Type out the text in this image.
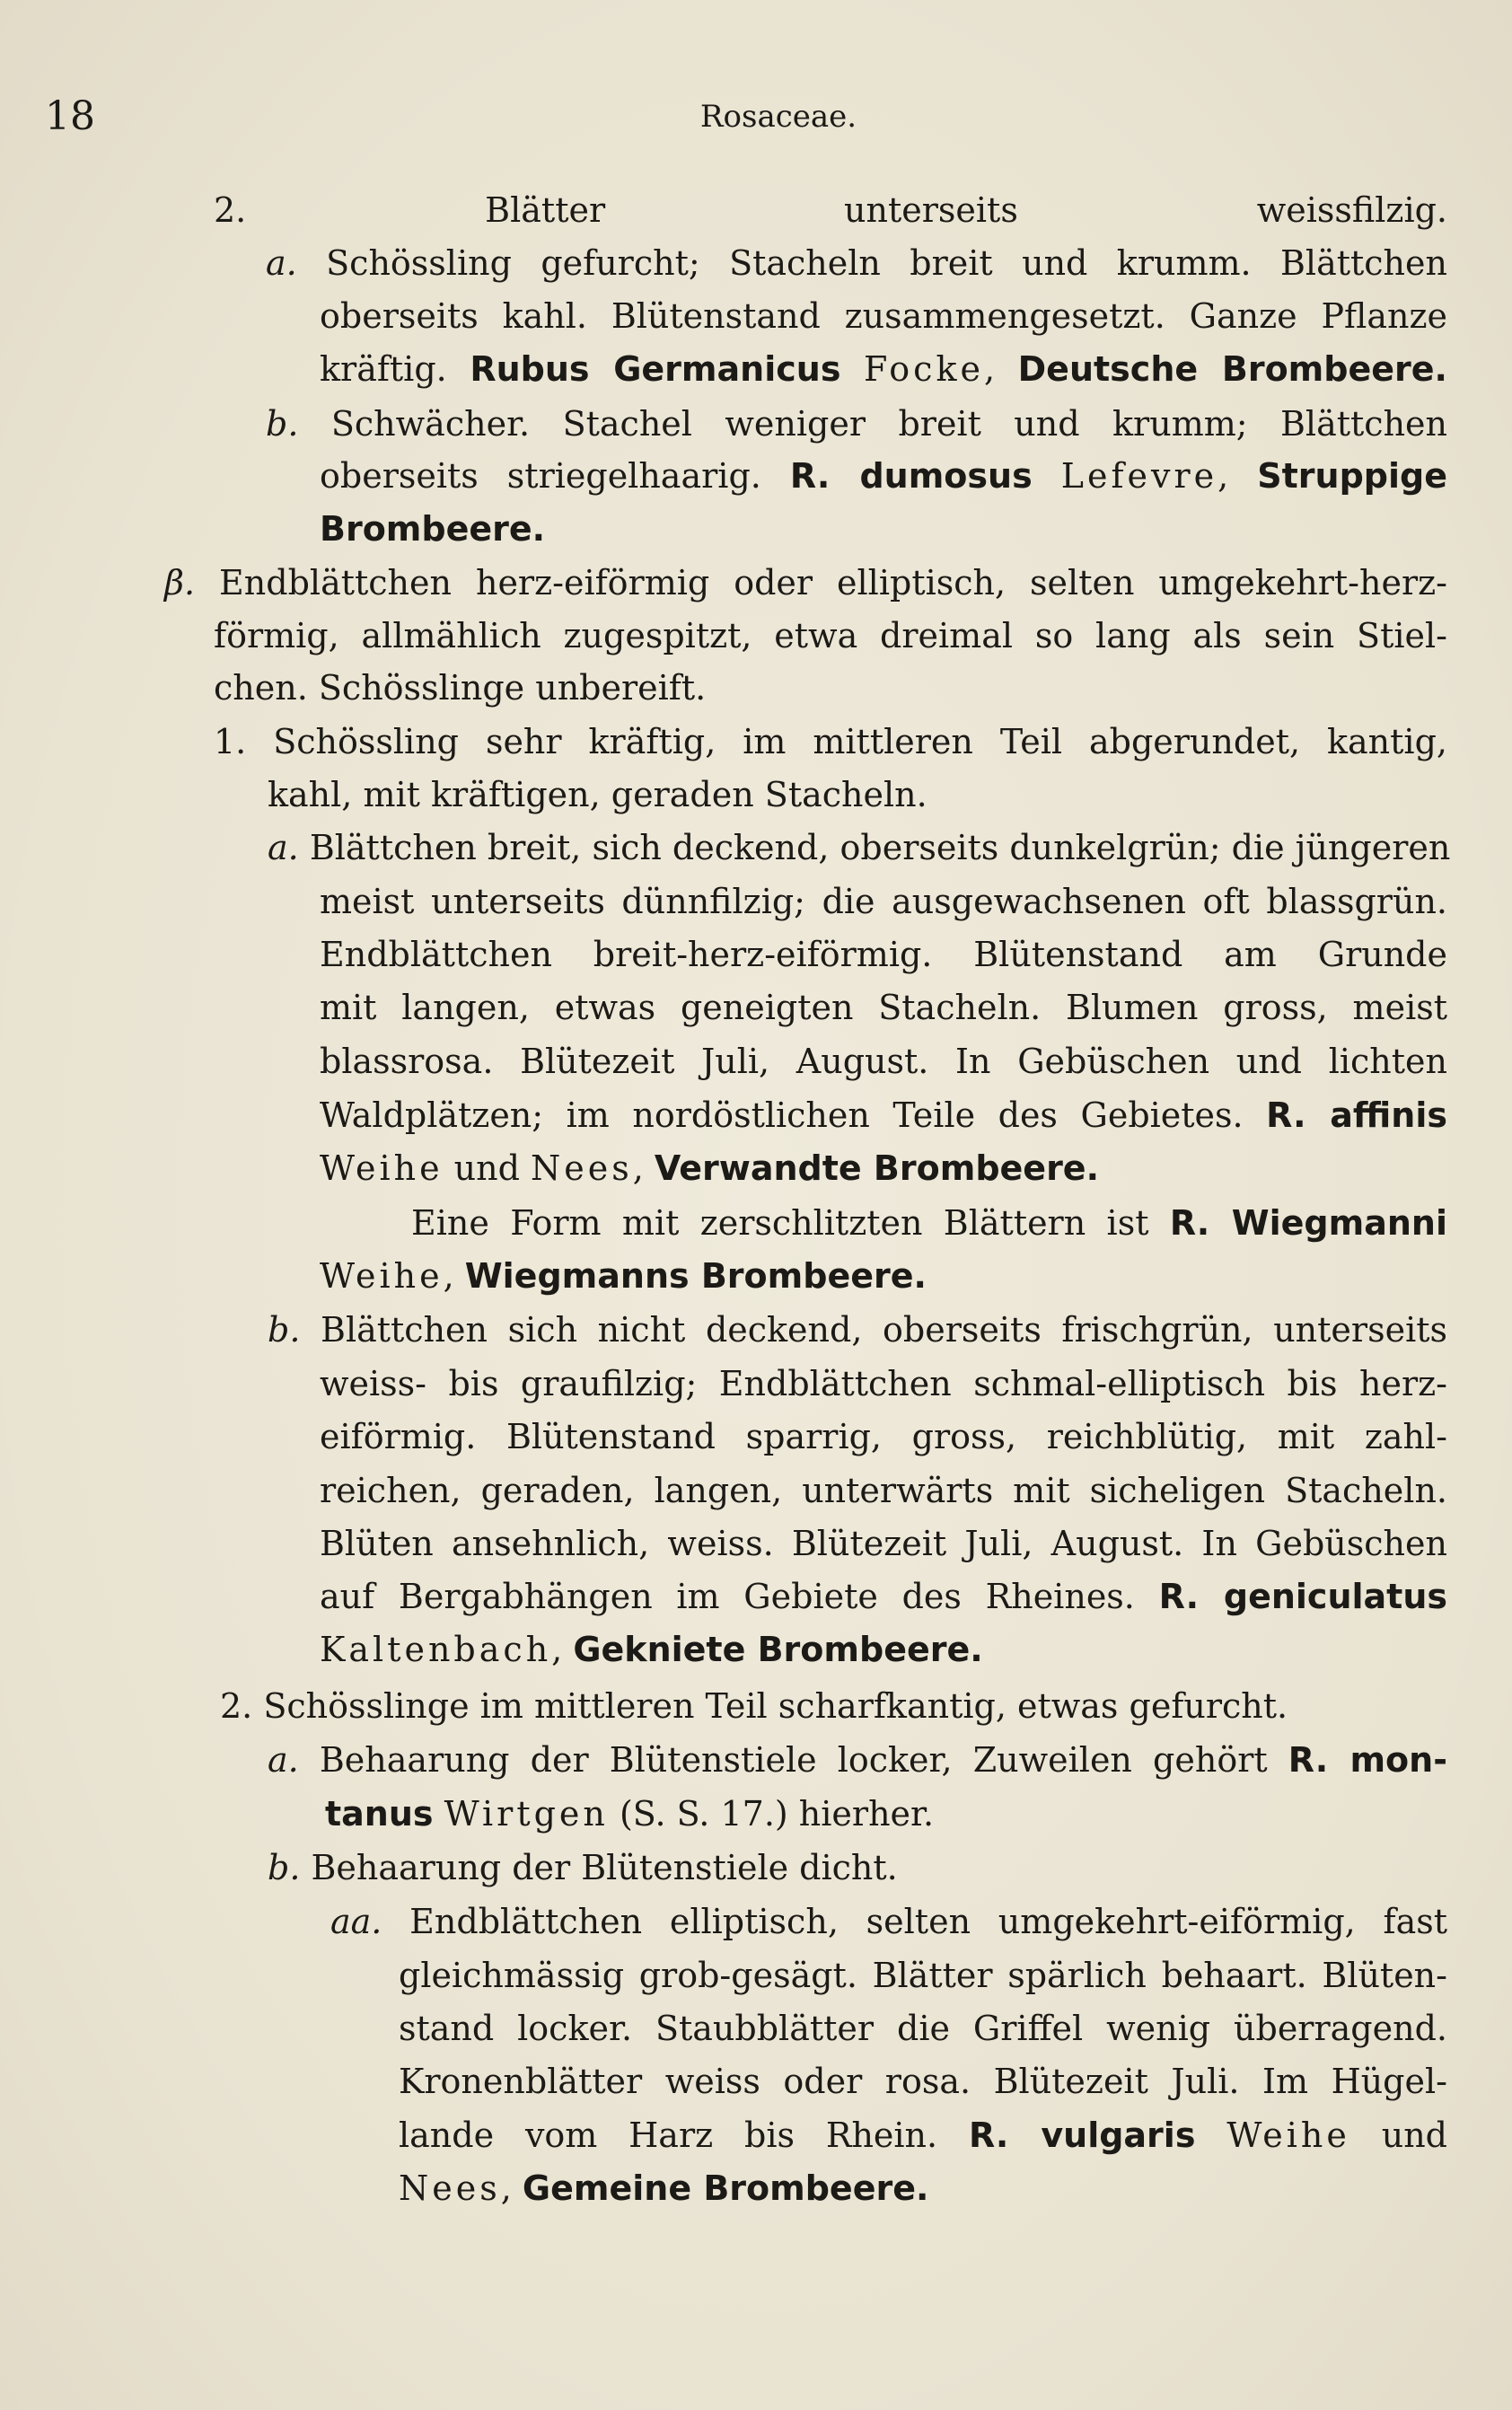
18	Rosaceae.
2. Blätter unterseits weissfilzig.
a. Schössling gefurcht; Stacheln breit und krumm. Blättchen
oberseits kahl. Blütenstand zusammengesetzt. Ganze Pflanze
kräftig. Rubus Germanicus Focke, Deutsche Brombeere.
b. Schwächer. Stachel weniger breit und krumm; Blättchen
oberseits striegelhaarig. R. dumosus Lefevre, Struppige
Brombeere.
β. Endblättchen herz-eiförmig oder elliptisch, selten umgekehrt-herz-
förmig, allmählich zugespitzt, etwa dreimal so lang als sein Stiel-
chen. Schösslinge unbereift.
1. Schössling sehr kräftig, im mittleren Teil abgerundet, kantig,
kahl, mit kräftigen, geraden Stacheln.
a. Blättchen breit, sich deckend, oberseits dunkelgrün; die jüngeren
meist unterseits dünnfilzig; die ausgewachsenen oft blassgrün.
Endblättchen breit-herz-eiförmig. Blütenstand am Grunde
mit langen, etwas geneigten Stacheln. Blumen gross, meist
blassrosa. Blütezeit Juli, August. In Gebüschen und lichten
Waldplätzen; im nordöstlichen Teile des Gebietes. R. affinis
Weihe und Nees, Verwandte Brombeere.
Eine Form mit zerschlitzten Blättern ist R. Wiegmanni
Weihe, Wiegmanns Brombeere.
b. Blättchen sich nicht deckend, oberseits frischgrün, unterseits
weiss- bis graufilzig; Endblättchen schmal-elliptisch bis herz-
eiförmig. Blütenstand sparrig, gross, reichblütig, mit zahl-
reichen, geraden, langen, unterwärts mit sicheligen Stacheln.
Blüten ansehnlich, weiss. Blütezeit Juli, August. In Gebüschen
auf Bergabhängen im Gebiete des Rheines. R. geniculatus
Kaltenbach, Gekniete Brombeere.
2. Schösslinge im mittleren Teil scharfkantig, etwas gefurcht.
a. Behaarung der Blütenstiele locker, Zuweilen gehört R. mon-
tanus Wirtgen (S. S. 17.) hierher.
b. Behaarung der Blütenstiele dicht.
aa. Endblättchen elliptisch, selten umgekehrt-eiförmig, fast
gleichmässig grob-gesägt. Blätter spärlich behaart. Blüten-
stand locker. Staubblätter die Griffel wenig überragend.
Kronenblätter weiss oder rosa. Blütezeit Juli. Im Hügel-
lande vom Harz bis Rhein. R. vulgaris Weihe und
Nees, Gemeine Brombeere.
